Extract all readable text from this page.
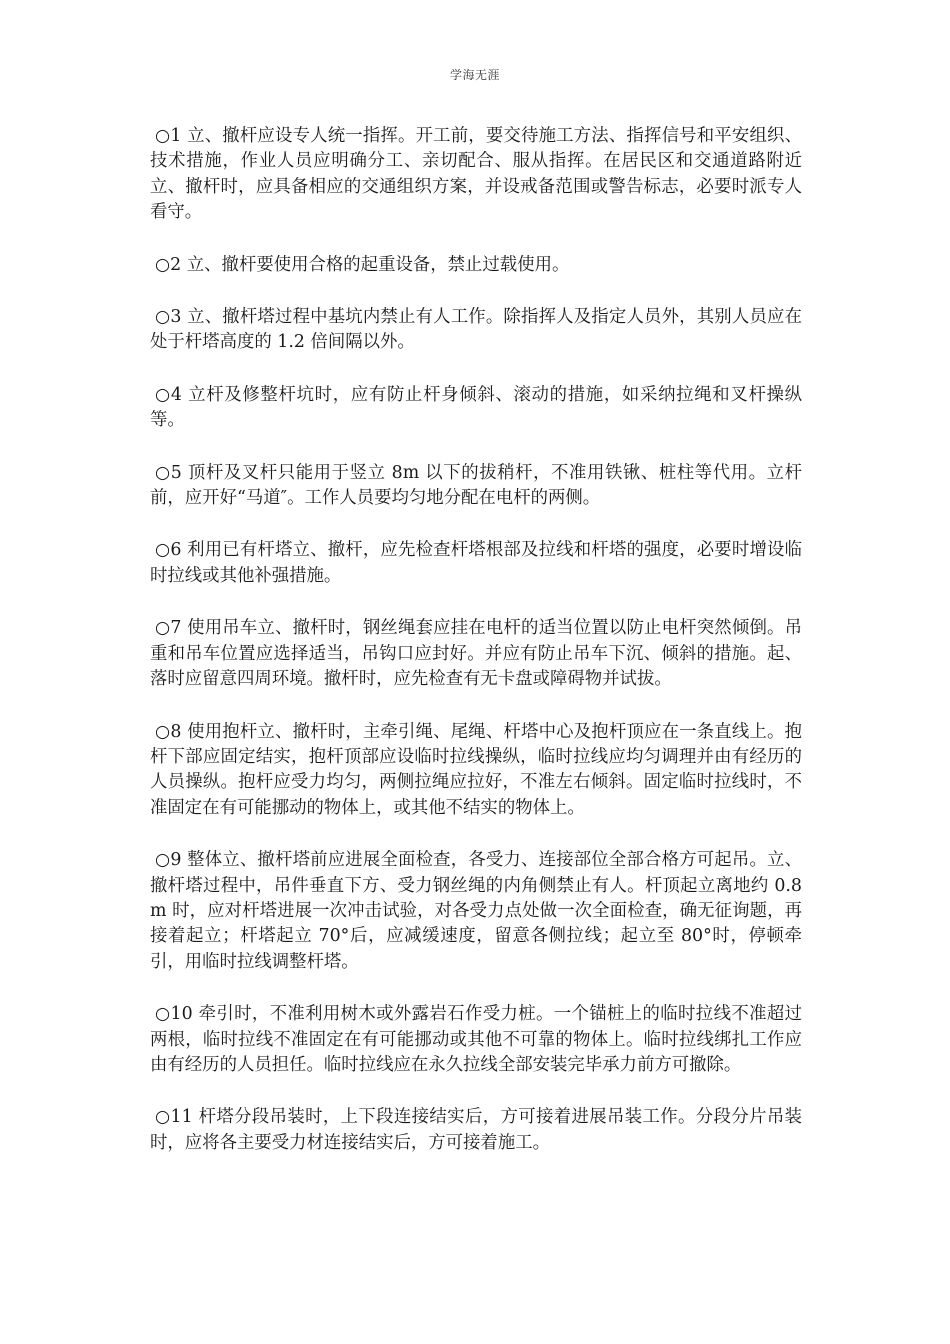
学海无涯

○1 立、撤杆应设专人统一指挥。开工前，要交待施工方法、指挥信号和平安组织、技术措施，作业人员应明确分工、亲切配合、服从指挥。在居民区和交通道路附近立、撤杆时，应具备相应的交通组织方案，并设戒备范围或警告标志，必要时派专人看守。

○2 立、撤杆要使用合格的起重设备，禁止过载使用。

○3 立、撤杆塔过程中基坑内禁止有人工作。除指挥人及指定人员外，其别人员应在处于杆塔高度的 1.2 倍间隔以外。

○4 立杆及修整杆坑时，应有防止杆身倾斜、滚动的措施，如采纳拉绳和叉杆操纵等。

○5 顶杆及叉杆只能用于竖立 8m 以下的拔稍杆，不准用铁锹、桩柱等代用。立杆前，应开好“马道″。工作人员要均匀地分配在电杆的两侧。

○6 利用已有杆塔立、撤杆，应先检查杆塔根部及拉线和杆塔的强度，必要时增设临时拉线或其他补强措施。

○7 使用吊车立、撤杆时，钢丝绳套应挂在电杆的适当位置以防止电杆突然倾倒。吊重和吊车位置应选择适当，吊钩口应封好。并应有防止吊车下沉、倾斜的措施。起、落时应留意四周环境。撤杆时，应先检查有无卡盘或障碍物并试拔。

○8 使用抱杆立、撤杆时，主牵引绳、尾绳、杆塔中心及抱杆顶应在一条直线上。抱杆下部应固定结实，抱杆顶部应设临时拉线操纵，临时拉线应均匀调理并由有经历的人员操纵。抱杆应受力均匀，两侧拉绳应拉好，不准左右倾斜。固定临时拉线时，不准固定在有可能挪动的物体上，或其他不结实的物体上。

○9 整体立、撤杆塔前应进展全面检查，各受力、连接部位全部合格方可起吊。立、撤杆塔过程中，吊件垂直下方、受力钢丝绳的内角侧禁止有人。杆顶起立离地约 0.8m 时，应对杆塔进展一次冲击试验，对各受力点处做一次全面检查，确无征询题，再接着起立；杆塔起立 70°后，应减缓速度，留意各侧拉线；起立至 80°时，停顿牵引，用临时拉线调整杆塔。

○10 牵引时，不准利用树木或外露岩石作受力桩。一个锚桩上的临时拉线不准超过两根，临时拉线不准固定在有可能挪动或其他不可靠的物体上。临时拉线绑扎工作应由有经历的人员担任。临时拉线应在永久拉线全部安装完毕承力前方可撤除。

○11 杆塔分段吊装时，上下段连接结实后，方可接着进展吊装工作。分段分片吊装时，应将各主要受力材连接结实后，方可接着施工。
